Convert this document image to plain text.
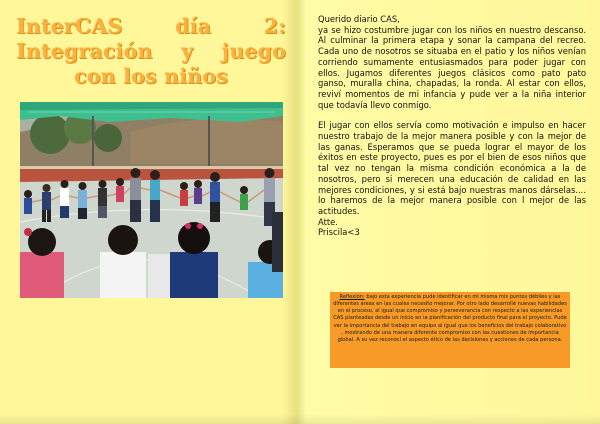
InterCAS día 2: Integración y juego con los niños

Querido diario CAS,

ya se hizo costumbre jugar con los niños en nuestro descanso. Al culminar la primera etapa y sonar la campana del recreo. Cada uno de nosotros se situaba en el patio y los niños venían corriendo sumamente entusiasmados para poder jugar con ellos. Jugamos diferentes juegos clásicos como pato pato ganso, muralla china, chapadas, la ronda. Al estar con ellos, reviví momentos de mi infancia y pude ver a la niña interior que todavía llevo conmigo.

El jugar con ellos servía como motivación e impulso en hacer nuestro trabajo de la mejor manera posible y con la mejor de las ganas. Esperamos que se pueda lograr el mayor de los éxitos en este proyecto, pues es por el bien de esos niños que tal vez no tengan la misma condición económica a la de nosotros, pero si merecen una educación de calidad en las mejores condiciones, y si está bajo nuestras manos dárselas.... lo haremos de la mejor manera posible con l mejor de las actitudes.

Atte.

Priscila<3

Reflexión: bajo esta experiencia pude identificar en mi misma mis puntos débiles y las diferentes áreas en las cuales necesito mejorar. Por otro lado desarrollé nuevas habilidades en el proceso, al igual que compromiso y perseverancia con respecto a las experiencias CAS planteadas desde un inicio en la planificación del producto final para el proyecto. Pude ver la importancia del trabajo en equipo al igual que los beneficios del trabajo colaborativo , mostrando de una manera diferente compromiso con las cuestiones de importancia global. A su vez reconocí el aspecto ético de las decisiones y acciones de cada persona.
